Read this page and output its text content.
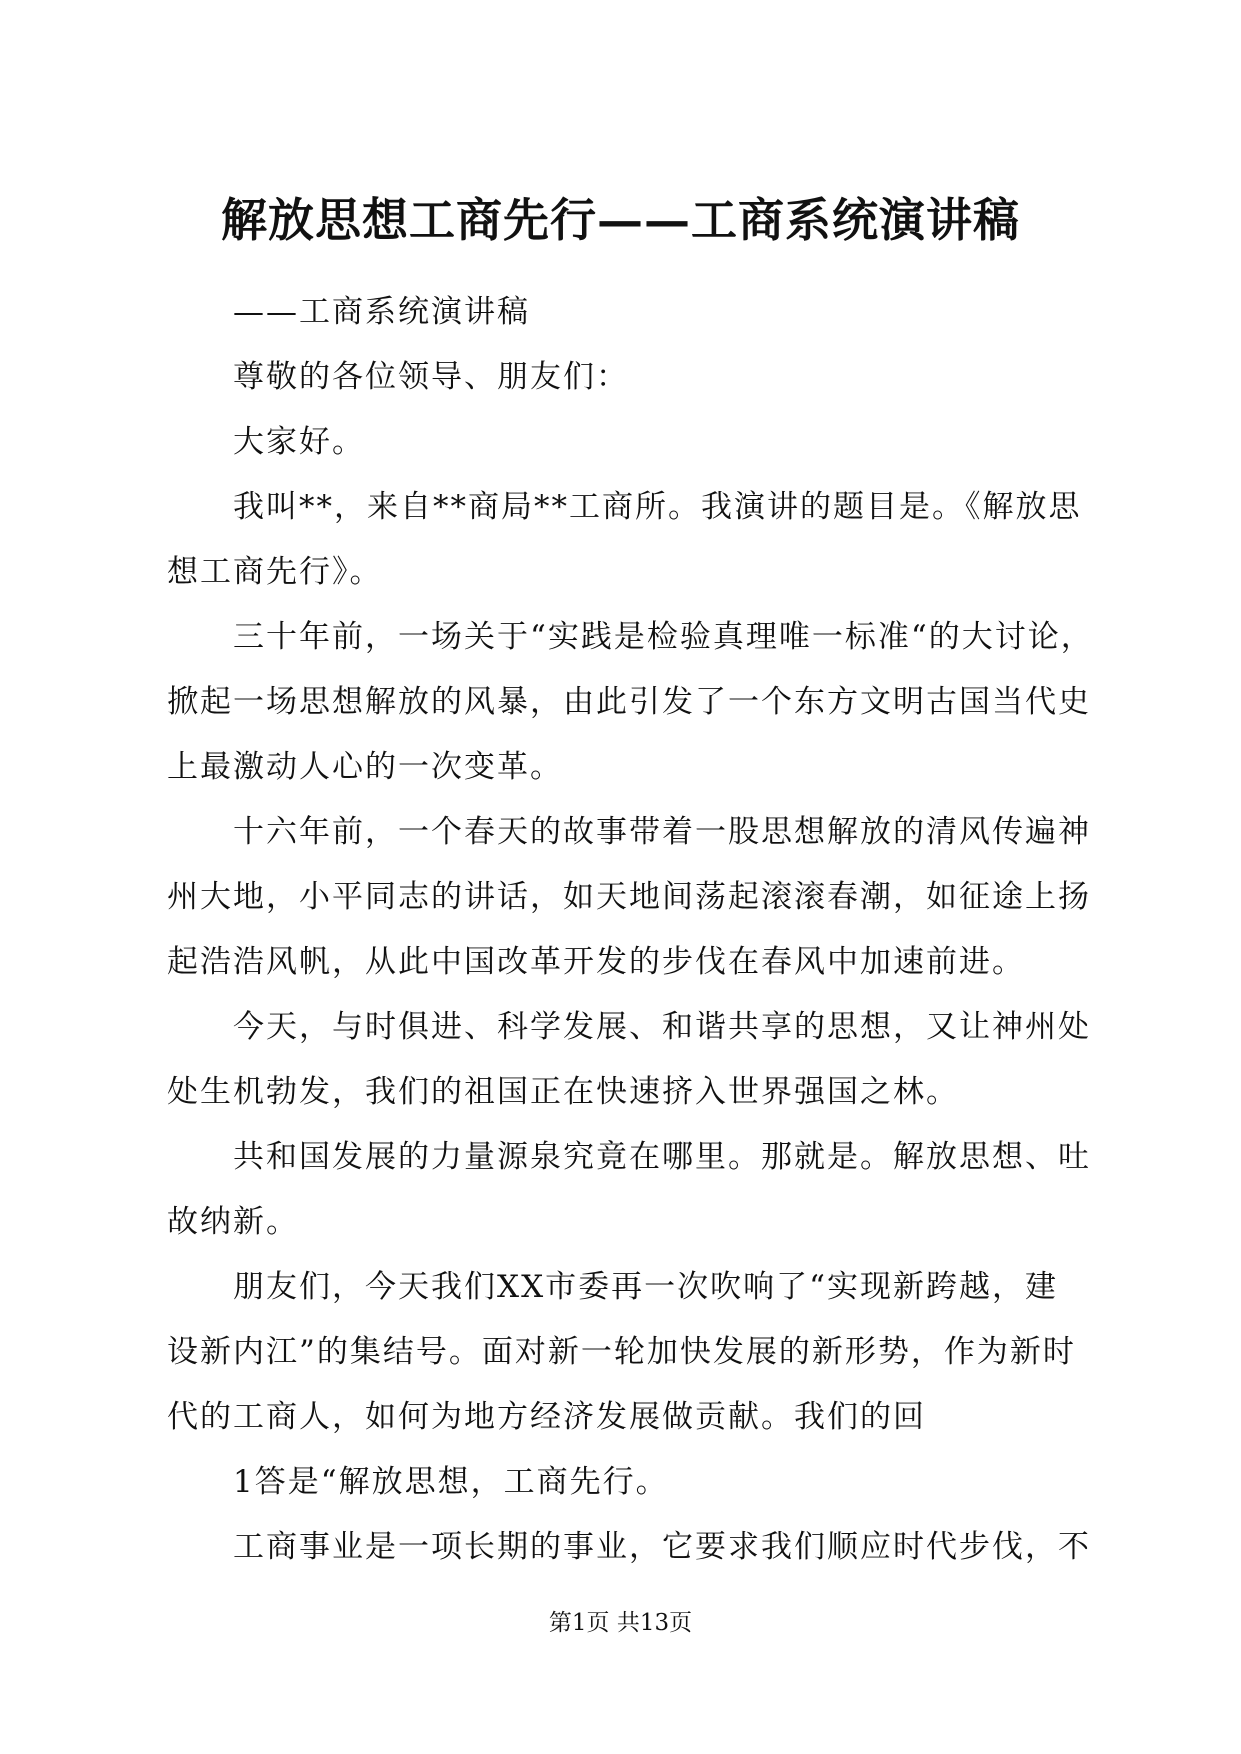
解放思想工商先行——工商系统演讲稿

——工商系统演讲稿

尊敬的各位领导、朋友们：

大家好。

我叫**，来自**商局**工商所。我演讲的题目是。《解放思

想工商先行》。

三十年前，一场关于“实践是检验真理唯一标准“的大讨论，

掀起一场思想解放的风暴，由此引发了一个东方文明古国当代史

上最激动人心的一次变革。

十六年前，一个春天的故事带着一股思想解放的清风传遍神

州大地，小平同志的讲话，如天地间荡起滚滚春潮，如征途上扬

起浩浩风帆，从此中国改革开发的步伐在春风中加速前进。

今天，与时俱进、科学发展、和谐共享的思想，又让神州处

处生机勃发，我们的祖国正在快速挤入世界强国之林。

共和国发展的力量源泉究竟在哪里。那就是。解放思想、吐

故纳新。

朋友们，今天我们XX市委再一次吹响了“实现新跨越，建

设新内江”的集结号。面对新一轮加快发展的新形势，作为新时

代的工商人，如何为地方经济发展做贡献。我们的回

1答是“解放思想，工商先行。

工商事业是一项长期的事业，它要求我们顺应时代步伐，不

第1页 共13页
